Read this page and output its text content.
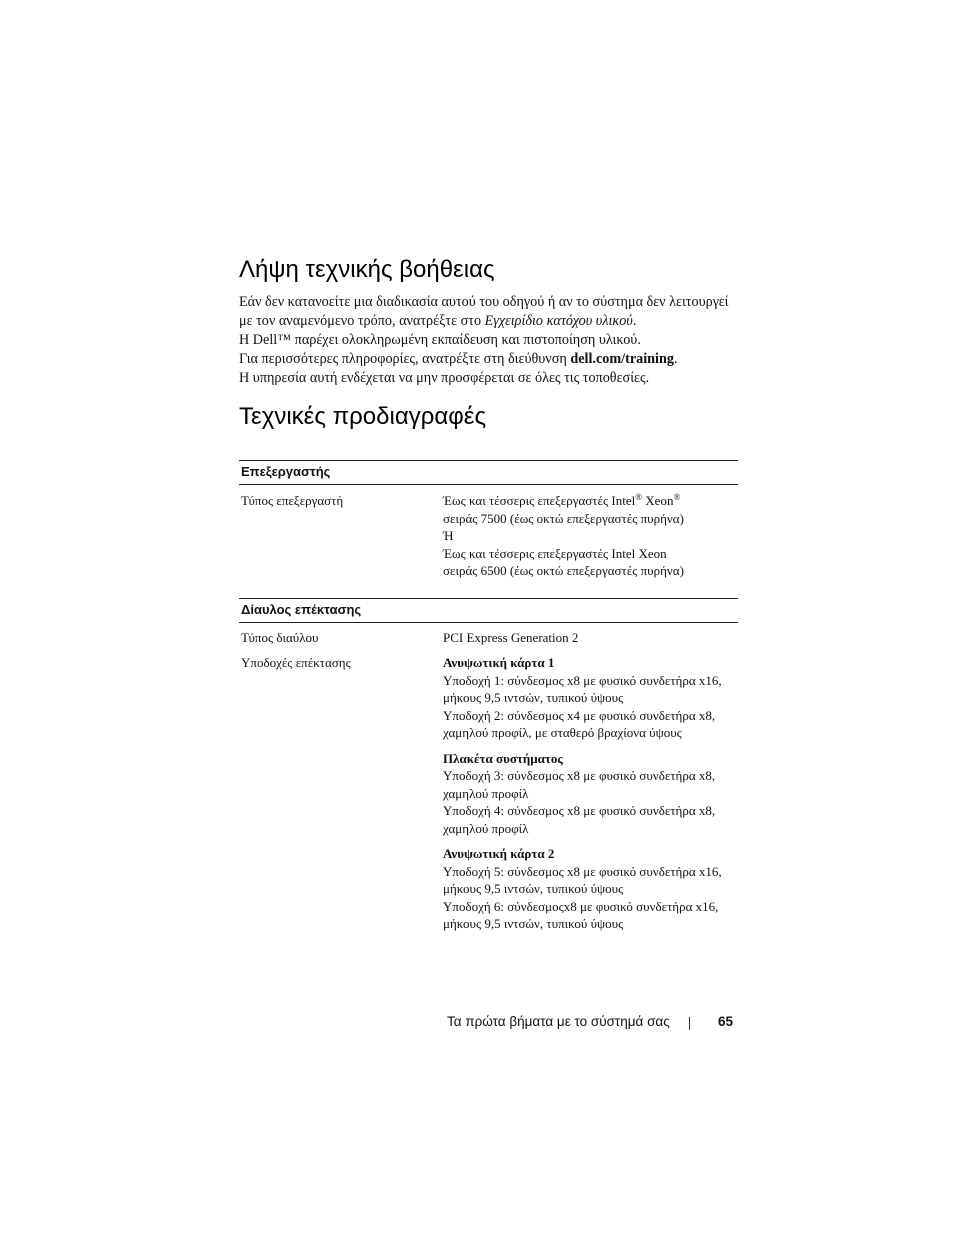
Λήψη τεχνικής βοήθειας

Εάν δεν κατανοείτε μια διαδικασία αυτού του οδηγού ή αν το σύστημα δεν λειτουργεί με τον αναμενόμενο τρόπο, ανατρέξτε στο Εγχειρίδιο κατόχου υλικού.

Η Dell™ παρέχει ολοκληρωμένη εκπαίδευση και πιστοποίηση υλικού.

Για περισσότερες πληροφορίες, ανατρέξτε στη διεύθυνση dell.com/training.

Η υπηρεσία αυτή ενδέχεται να μην προσφέρεται σε όλες τις τοποθεσίες.

Τεχνικές προδιαγραφές
Επεξεργαστής
Τύπος επεξεργαστή	Έως και τέσσερις επεξεργαστές Intel® Xeon®
σειράς 7500 (έως οκτώ επεξεργαστές πυρήνα)
Ή
Έως και τέσσερις επεξεργαστές Intel Xeon
σειράς 6500 (έως οκτώ επεξεργαστές πυρήνα)
Δίαυλος επέκτασης
Τύπος διαύλου	PCI Express Generation 2
Υποδοχές επέκτασης	Ανυψωτική κάρτα 1
Υποδοχή 1: σύνδεσμος x8 με φυσικό συνδετήρα x16,
μήκους 9,5 ιντσών, τυπικού ύψους
Υποδοχή 2: σύνδεσμος x4 με φυσικό συνδετήρα x8,
χαμηλού προφίλ, με σταθερό βραχίονα ύψους
Πλακέτα συστήματος
Υποδοχή 3: σύνδεσμος x8 με φυσικό συνδετήρα x8,
χαμηλού προφίλ
Υποδοχή 4: σύνδεσμος x8 με φυσικό συνδετήρα x8,
χαμηλού προφίλ
Ανυψωτική κάρτα 2
Υποδοχή 5: σύνδεσμος x8 με φυσικό συνδετήρα x16,
μήκους 9,5 ιντσών, τυπικού ύψους
Υποδοχή 6: σύνδεσμοςx8 με φυσικό συνδετήρα x16,
μήκους 9,5 ιντσών, τυπικού ύψους
Τα πρώτα βήματα με το σύστημά σας	65
